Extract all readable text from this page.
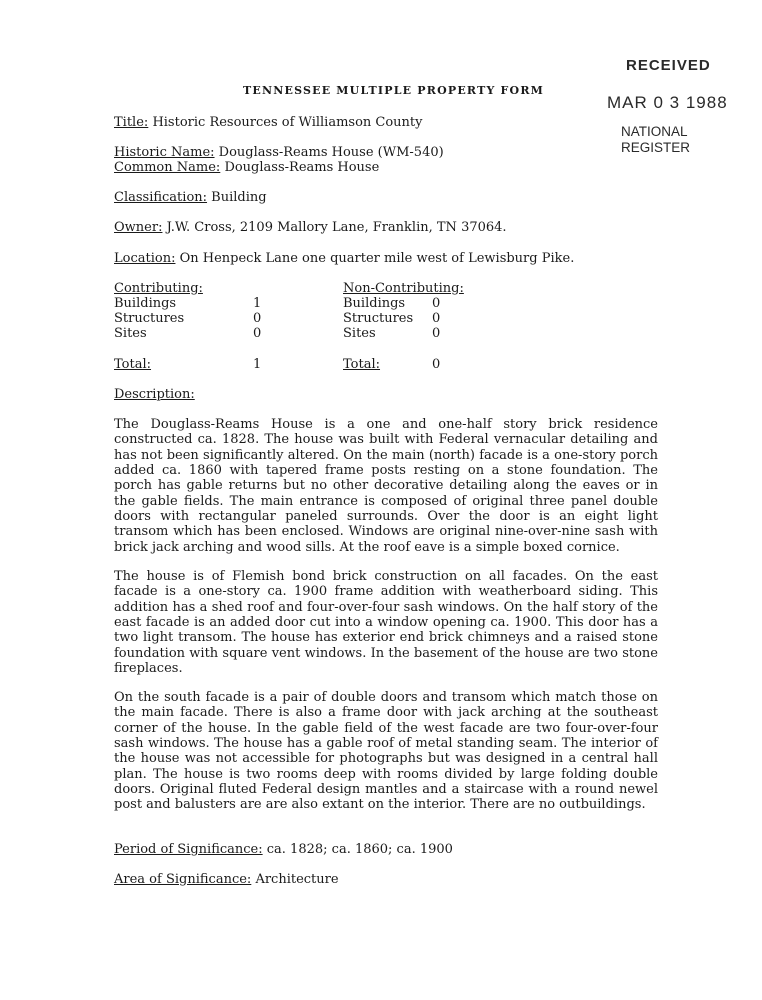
RECEIVED
MAR 0 3 1988
NATIONAL
REGISTER
TENNESSEE MULTIPLE PROPERTY FORM
Title: Historic Resources of Williamson County
Historic Name: Douglass-Reams House (WM-540)
Common Name: Douglass-Reams House
Classification: Building
Owner: J.W. Cross, 2109 Mallory Lane, Franklin, TN 37064.
Location: On Henpeck Lane one quarter mile west of Lewisburg Pike.
Contributing:	Non-Contributing:
Buildings	1	Buildings 0
Structures	0	Structures 0
Sites	0	Sites	0
Total:	1	Total:	0
Description:

The Douglass-Reams House is a one and one-half story brick residence constructed ca. 1828. The house was built with Federal vernacular detailing and has not been significantly altered. On the main (north) facade is a one-story porch added ca. 1860 with tapered frame posts resting on a stone foundation. The porch has gable returns but no other decorative detailing along the eaves or in the gable fields. The main entrance is composed of original three panel double doors with rectangular paneled surrounds. Over the door is an eight light transom which has been enclosed. Windows are original nine-over-nine sash with brick jack arching and wood sills. At the roof eave is a simple boxed cornice.

The house is of Flemish bond brick construction on all facades. On the east facade is a one-story ca. 1900 frame addition with weatherboard siding. This addition has a shed roof and four-over-four sash windows. On the half story of the east facade is an added door cut into a window opening ca. 1900. This door has a two light transom. The house has exterior end brick chimneys and a raised stone foundation with square vent windows. In the basement of the house are two stone fireplaces.

On the south facade is a pair of double doors and transom which match those on the main facade. There is also a frame door with jack arching at the southeast corner of the house. In the gable field of the west facade are two four-over-four sash windows. The house has a gable roof of metal standing seam. The interior of the house was not accessible for photographs but was designed in a central hall plan. The house is two rooms deep with rooms divided by large folding double doors. Original fluted Federal design mantles and a staircase with a round newel post and balusters are are also extant on the interior. There are no outbuildings.

Period of Significance: ca. 1828; ca. 1860; ca. 1900
Area of Significance: Architecture
